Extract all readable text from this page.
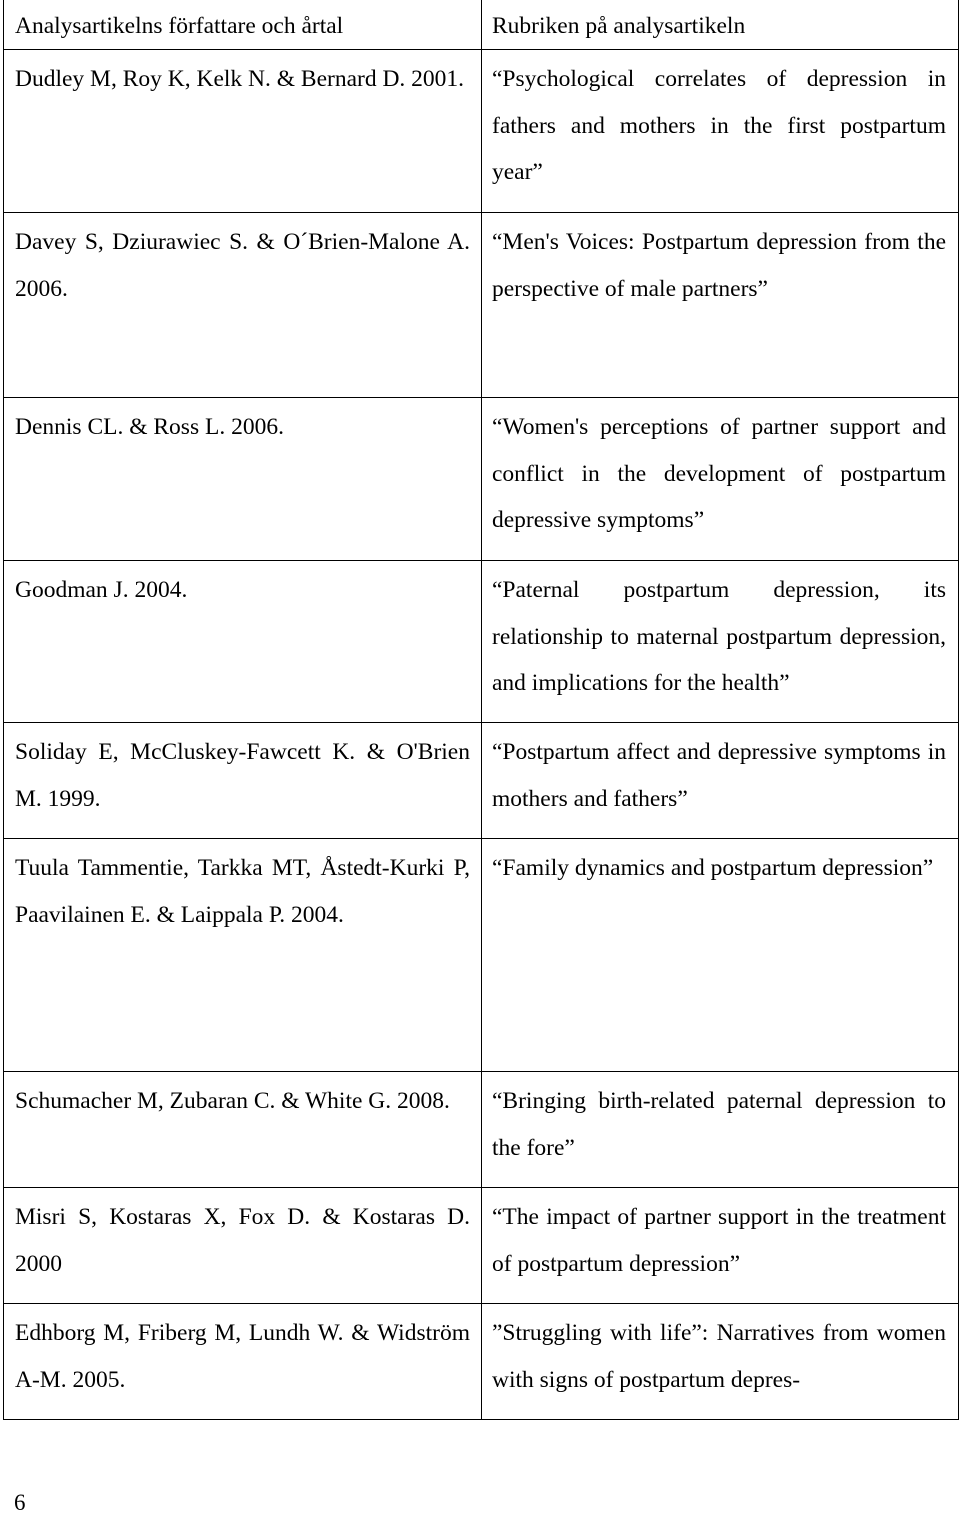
Analysartikelns författare och årtal	Rubriken på analysartikeln
Dudley M, Roy K, Kelk N. & Bernard D. 2001.	“Psychological correlates of depression in fathers and mothers in the first postpartum year”
Davey S, Dziurawiec S. & O´Brien-Malone A. 2006.	“Men's Voices: Postpartum depression from the perspective of male partners”
Dennis CL. & Ross L. 2006.	“Women's perceptions of partner support and conflict in the development of postpartum depressive symptoms”
Goodman J. 2004.	“Paternal postpartum depression, its relationship to maternal postpartum depression, and implications for the health”
Soliday E, McCluskey-Fawcett K. & O'Brien M. 1999.	“Postpartum affect and depressive symptoms in mothers and fathers”
Tuula Tammentie, Tarkka MT, Åstedt-Kurki P, Paavilainen E. & Laippala P. 2004.	“Family dynamics and postpartum depression”
Schumacher M, Zubaran C. & White G. 2008.	“Bringing birth-related paternal depression to the fore”
Misri S, Kostaras X, Fox D. & Kostaras D. 2000	“The impact of partner support in the treatment of postpartum depression”
Edhborg M, Friberg M, Lundh W. & Widström A-M. 2005.	”Struggling with life”: Narratives from women with signs of postpartum depres-
6
